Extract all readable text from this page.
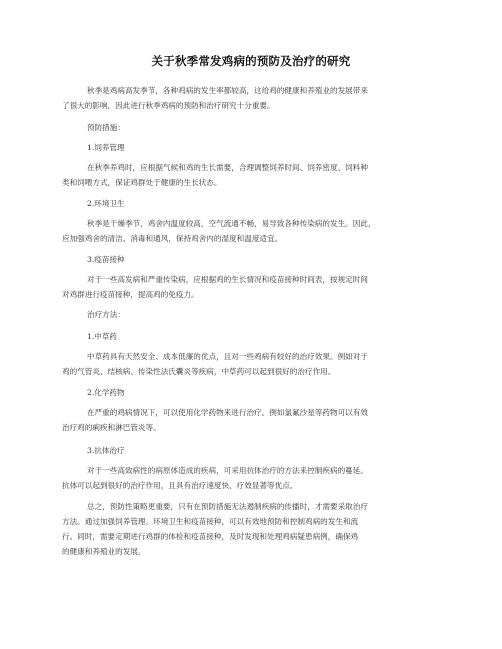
关于秋季常发鸡病的预防及治疗的研究
秋季是鸡病高发季节，各种鸡病的发生率都较高，这给鸡的健康和养殖业的发展带来
了很大的影响，因此进行秋季鸡病的预防和治疗研究十分重要。
预防措施：
1.饲养管理
在秋季养鸡时，应根据气候和鸡的生长需要，合理调整饲养时间、饲养密度、饲料种
类和饲喂方式，保证鸡群处于健康的生长状态。
2.环境卫生
秋季是干燥季节，鸡舍内温度较高，空气流通不畅，易导致各种传染病的发生。因此，
应加强鸡舍的清洁、消毒和通风，保持鸡舍内的湿度和温度适宜。
3.疫苗接种
对于一些高发病和严重传染病，应根据鸡的生长情况和疫苗接种时间表，按规定时间
对鸡群进行疫苗接种，提高鸡的免疫力。
治疗方法：
1.中草药
中草药具有天然安全、成本低廉的优点，且对一些鸡病有较好的治疗效果。例如对于
鸡的气管炎、结核病、传染性法氏囊炎等疾病，中草药可以起到很好的治疗作用。
2.化学药物
在严重的鸡病情况下，可以使用化学药物来进行治疗。例如氯氟沙星等药物可以有效
治疗鸡的痢疾和淋巴管炎等。
3.抗体治疗
对于一些高致病性的病原体造成的疾病，可采用抗体治疗的方法来控制疾病的蔓延。
抗体可以起到很好的治疗作用，且具有治疗速度快、疗效显著等优点。
总之，预防性策略更重要，只有在预防措施无法遏制疾病的传播时，才需要采取治疗
方法。通过加强饲养管理、环境卫生和疫苗接种，可以有效地预防和控制鸡病的发生和流
行。同时，需要定期进行鸡群的体检和疫苗接种，及时发现和处理鸡病疑患病例，确保鸡
的健康和养殖业的发展。
